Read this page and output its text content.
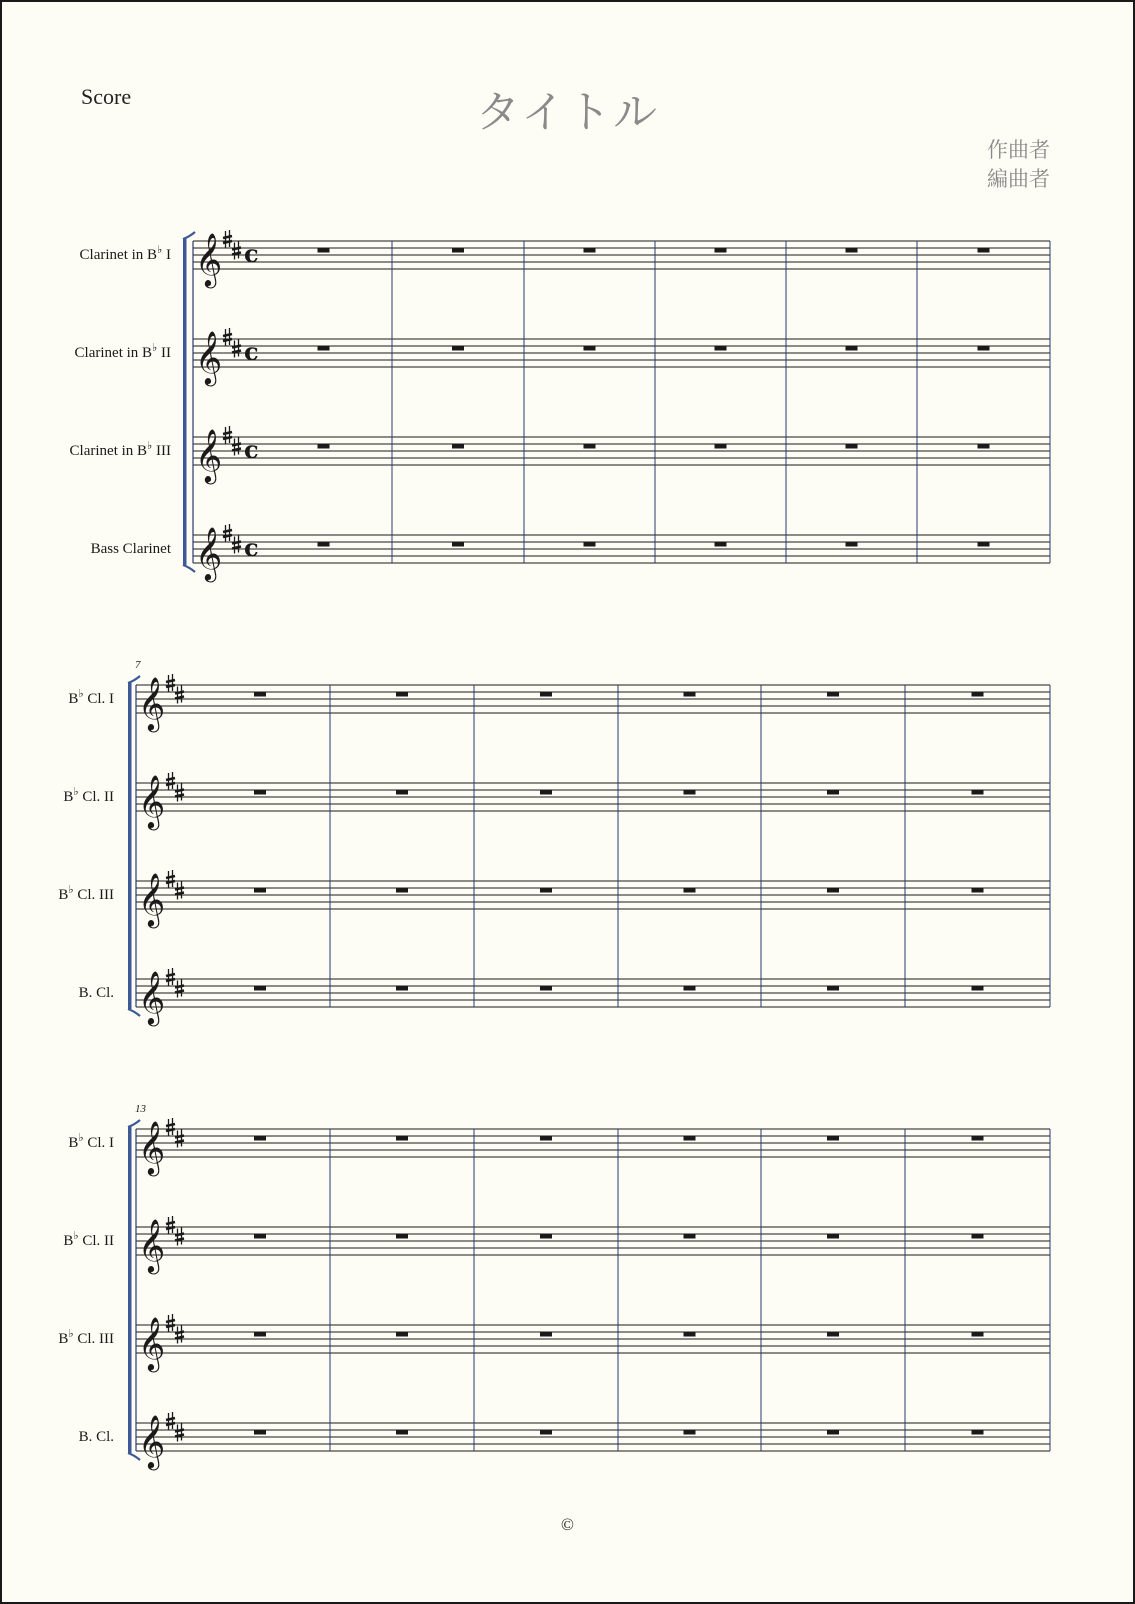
Score	タイトル
作曲者
編曲者
Clarinet in B♭ I 𝄞 c
Clarinet in B♭ II 𝄞 c
Clarinet in B♭ III 𝄞 c
Bass Clarinet 𝄞 c
7
B♭ Cl. I 𝄞
B♭ Cl. II 𝄞
B♭ Cl. III 𝄞
B. Cl. 𝄞
13
B♭ Cl. I 𝄞
B♭ Cl. II 𝄞
B♭ Cl. III 𝄞
B. Cl. 𝄞
©
